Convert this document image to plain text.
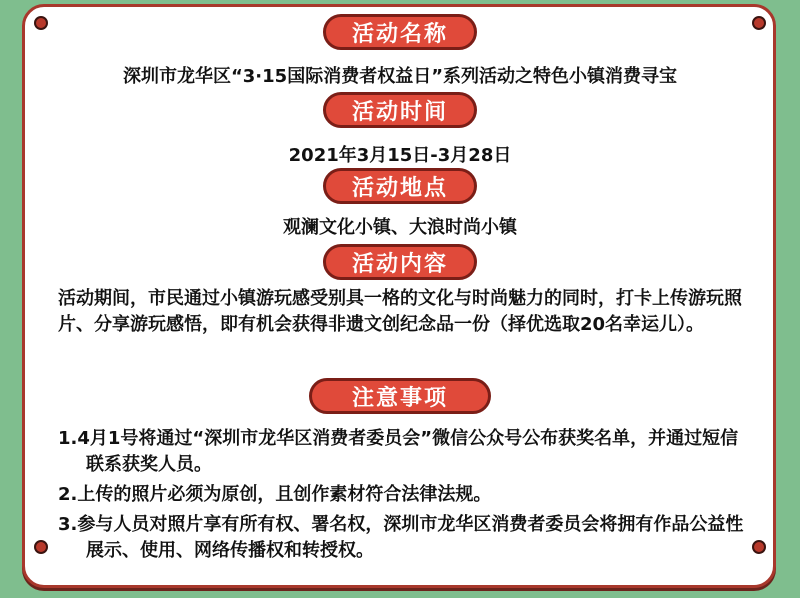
活动名称
深圳市龙华区“3·15国际消费者权益日”系列活动之特色小镇消费寻宝
活动时间
2021年3月15日-3月28日
活动地点
观澜文化小镇、大浪时尚小镇
活动内容
活动期间，市民通过小镇游玩感受别具一格的文化与时尚魅力的同时，打卡上传游玩照片、分享游玩感悟，即有机会获得非遗文创纪念品一份（择优选取20名幸运儿）。
注意事项
1.4月1号将通过“深圳市龙华区消费者委员会”微信公众号公布获奖名单，并通过短信联系获奖人员。
2.上传的照片必须为原创，且创作素材符合法律法规。
3.参与人员对照片享有所有权、署名权，深圳市龙华区消费者委员会将拥有作品公益性展示、使用、网络传播权和转授权。
